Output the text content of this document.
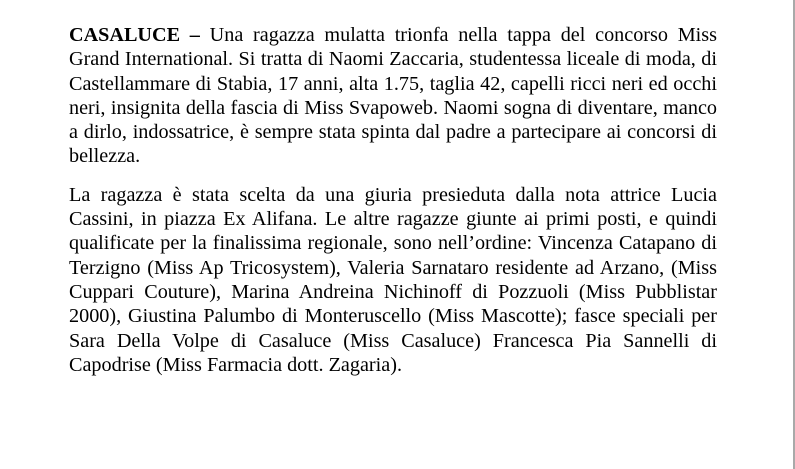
CASALUCE – Una ragazza mulatta trionfa nella tappa del concorso Miss Grand International. Si tratta di Naomi Zaccaria, studentessa liceale di moda, di Castellammare di Stabia, 17 anni, alta 1.75, taglia 42, capelli ricci neri ed occhi neri, insignita della fascia di Miss Svapoweb. Naomi sogna di diventare, manco a dirlo, indossatrice, è sempre stata spinta dal padre a partecipare ai concorsi di bellezza.

La ragazza è stata scelta da una giuria presieduta dalla nota attrice Lucia Cassini, in piazza Ex Alifana. Le altre ragazze giunte ai primi posti, e quindi qualificate per la finalissima regionale, sono nell’ordine: Vincenza Catapano di Terzigno (Miss Ap Tricosystem), Valeria Sarnataro residente ad Arzano, (Miss Cuppari Couture), Marina Andreina Nichinoff di Pozzuoli (Miss Pubblistar 2000), Giustina Palumbo di Monteruscello (Miss Mascotte); fasce speciali per Sara Della Volpe di Casaluce (Miss Casaluce) Francesca Pia Sannelli di Capodrise (Miss Farmacia dott. Zagaria).
